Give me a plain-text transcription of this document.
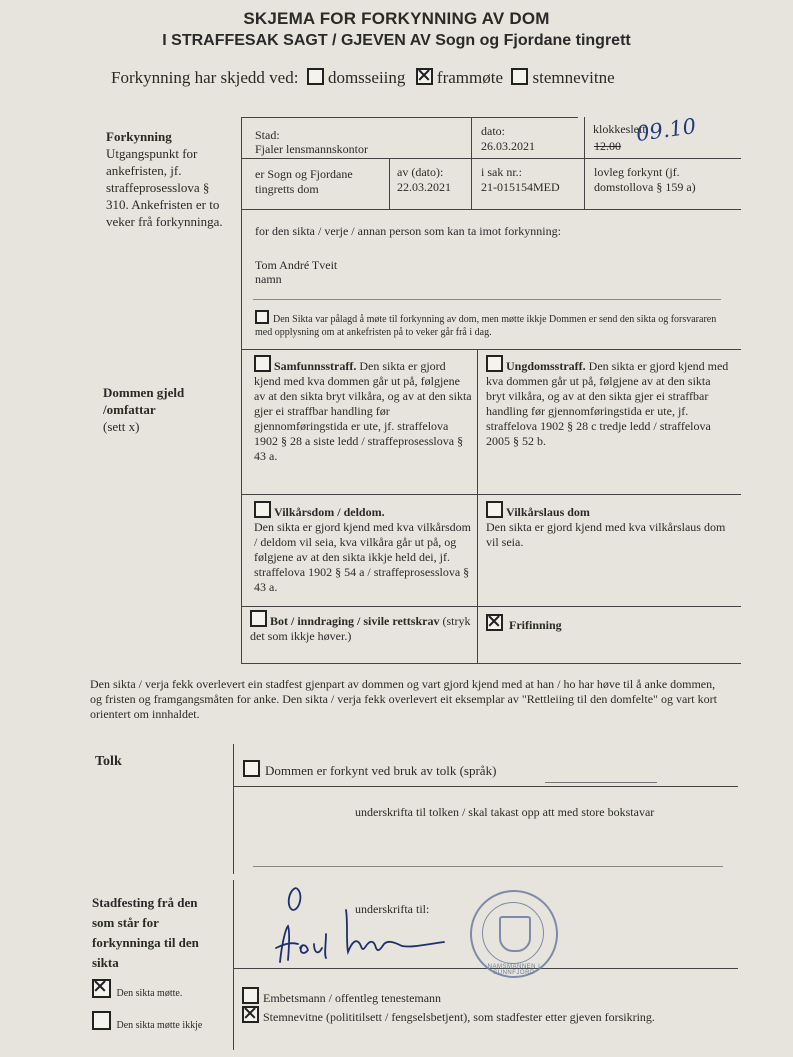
SKJEMA FOR FORKYNNING AV DOM
I STRAFFESAK SAGT / GJEVEN AV Sogn og Fjordane tingrett
Forkynning har skjedd ved: domsseiing frammøte stemnevitne
Forkynning
Utgangspunkt for ankefristen, jf. straffeprosesslova § 310. Ankefristen er to veker frå forkynninga.
Stad:
Fjaler lensmannskontor
dato:
26.03.2021
klokkeslett:
12.00 09.10
er Sogn og Fjordane tingretts dom
av (dato):
22.03.2021
i sak nr.:
21-015154MED
lovleg forkynt (jf. domstollova § 159 a)
for den sikta / verje / annan person som kan ta imot forkynning:
Tom André Tveit
namn
Den Sikta var pålagd å møte til forkynning av dom, men møtte ikkje Dommen er send den sikta og forsvararen med opplysning om at ankefristen på to veker går frå i dag.
Dommen gjeld /omfattar
(sett x)
Samfunnsstraff. Den sikta er gjord kjend med kva dommen går ut på, følgjene av at den sikta bryt vilkåra, og av at den sikta gjer ei straffbar handling før gjennomføringstida er ute, jf. straffelova 1902 § 28 a siste ledd / straffeprosesslova § 43 a.
Ungdomsstraff. Den sikta er gjord kjend med kva dommen går ut på, følgjene av at den sikta bryt vilkåra, og av at den sikta gjer ei straffbar handling før gjennomføringstida er ute, jf. straffelova 1902 § 28 c tredje ledd / straffelova 2005 § 52 b.
Vilkårsdom / deldom.
Den sikta er gjord kjend med kva vilkårsdom / deldom vil seia, kva vilkåra går ut på, og følgjene av at den sikta ikkje held dei, jf. straffelova 1902 § 54 a / straffeprosesslova § 43 a.
Vilkårslaus dom
Den sikta er gjord kjend med kva vilkårslaus dom vil seia.
Bot / inndraging / sivile rettskrav (stryk det som ikkje høver.)
Frifinning
Den sikta / verja fekk overlevert ein stadfest gjenpart av dommen og vart gjord kjend med at han / ho har høve til å anke dommen, og fristen og framgangsmåten for anke. Den sikta / verja fekk overlevert eit eksemplar av "Rettleiing til den domfelte" og vart kort orientert om innhaldet.
Tolk
Dommen er forkynt ved bruk av tolk (språk)
underskrifta til tolken / skal takast opp att med store bokstavar
Stadfesting frå den som står for forkynninga til den sikta
Den sikta møtte.
Den sikta møtte ikkje
underskrifta til:
NAMSMANNEN I SUNNFJORD
Embetsmann / offentleg tenestemann
Stemnevitne (polititilsett / fengselsbetjent), som stadfester etter gjeven forsikring.
